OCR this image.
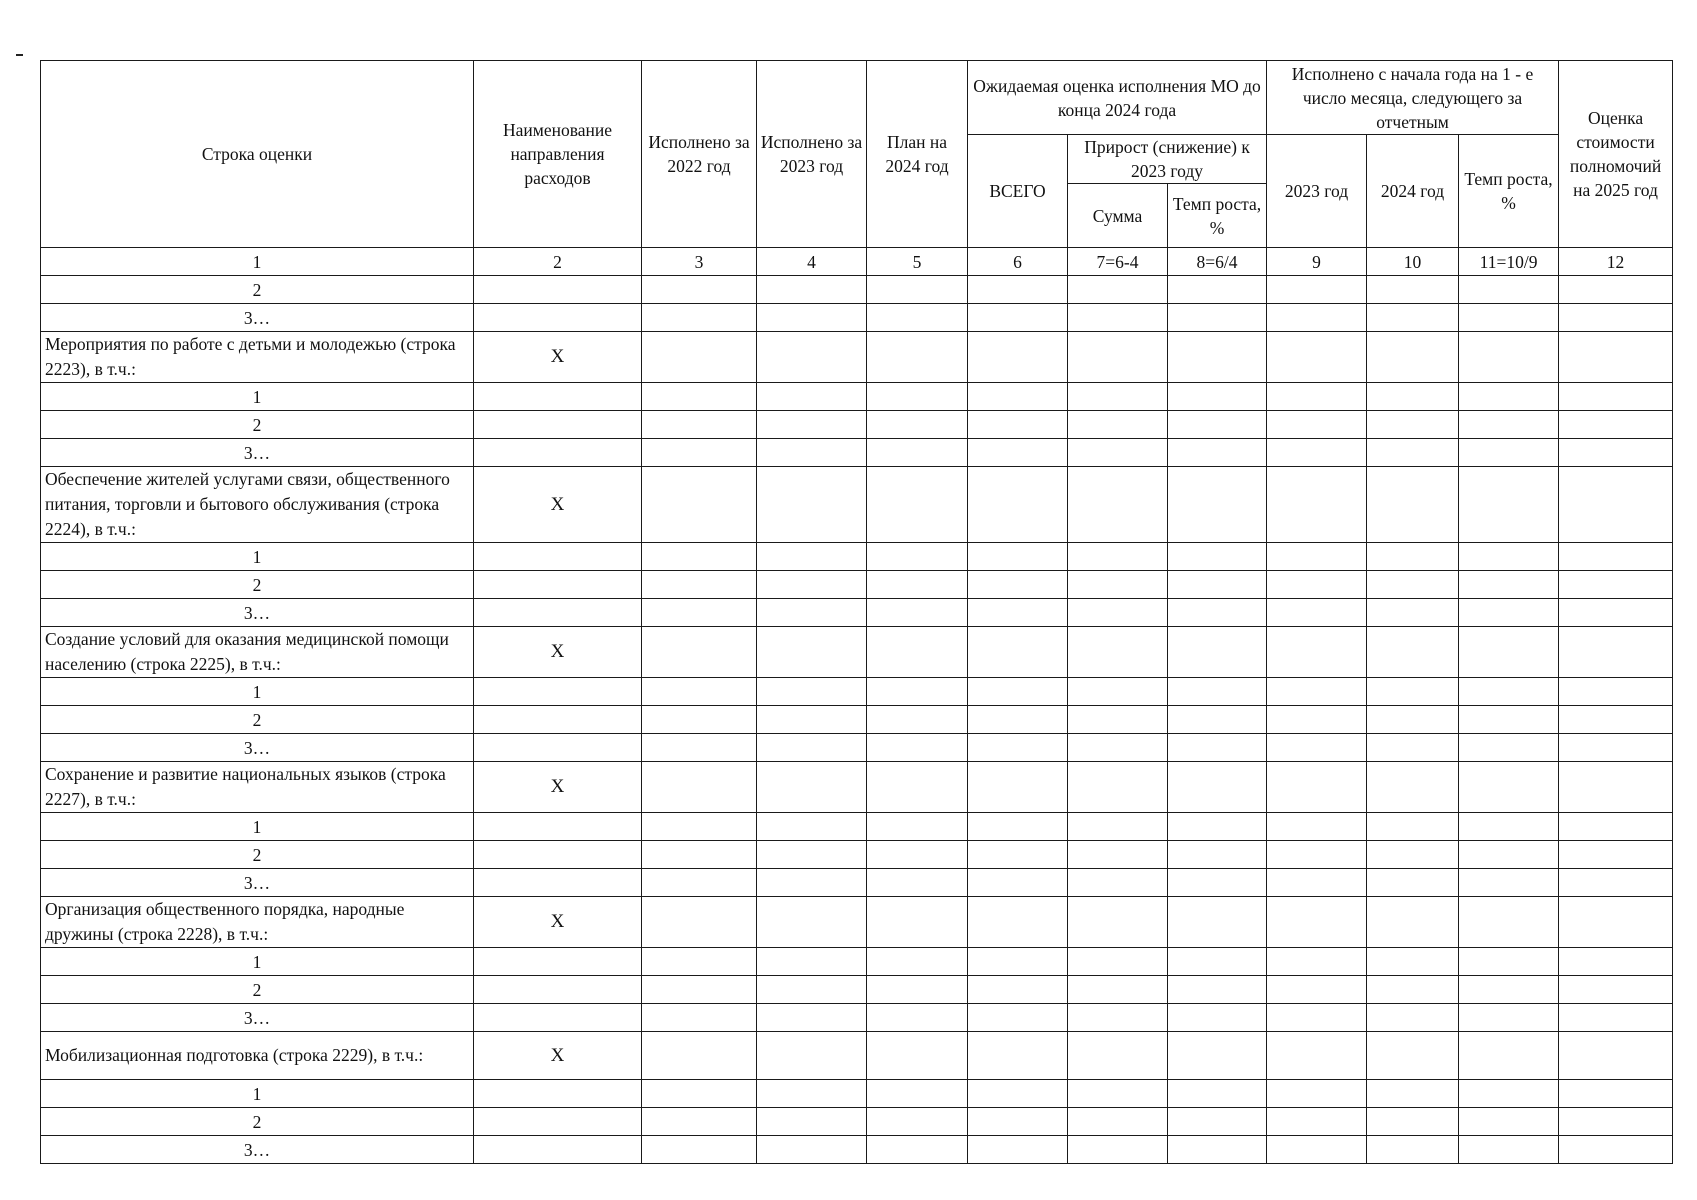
Строка оценки	Наименование направления расходов	Исполнено за 2022 год	Исполнено за 2023 год	План на 2024 год	Ожидаемая оценка исполнения МО до конца 2024 года			Исполнено с начала года на 1 - е число месяца, следующего за отчетным			Оценка стоимости полномочий на 2025 год
					ВСЕГО	Прирост (снижение) к 2023 году		2023 год	2024 год	Темп роста, %	
						Сумма	Темп роста, %				
1	2	3	4	5	6	7=6-4	8=6/4	9	10	11=10/9	12
2											
3…											
Мероприятия по работе с детьми и молодежью (строка 2223), в т.ч.:	X										
1											
2											
3…											
Обеспечение жителей услугами связи, общественного питания, торговли и бытового обслуживания (строка 2224), в т.ч.:	X										
1											
2											
3…											
Создание условий для оказания медицинской помощи населению (строка 2225), в т.ч.:	X										
1											
2											
3…											
Сохранение и развитие национальных языков (строка 2227), в т.ч.:	X										
1											
2											
3…											
Организация общественного порядка, народные дружины (строка 2228), в т.ч.:	X										
1											
2											
3…											
Мобилизационная подготовка (строка 2229), в т.ч.:	X										
1											
2											
3…											
